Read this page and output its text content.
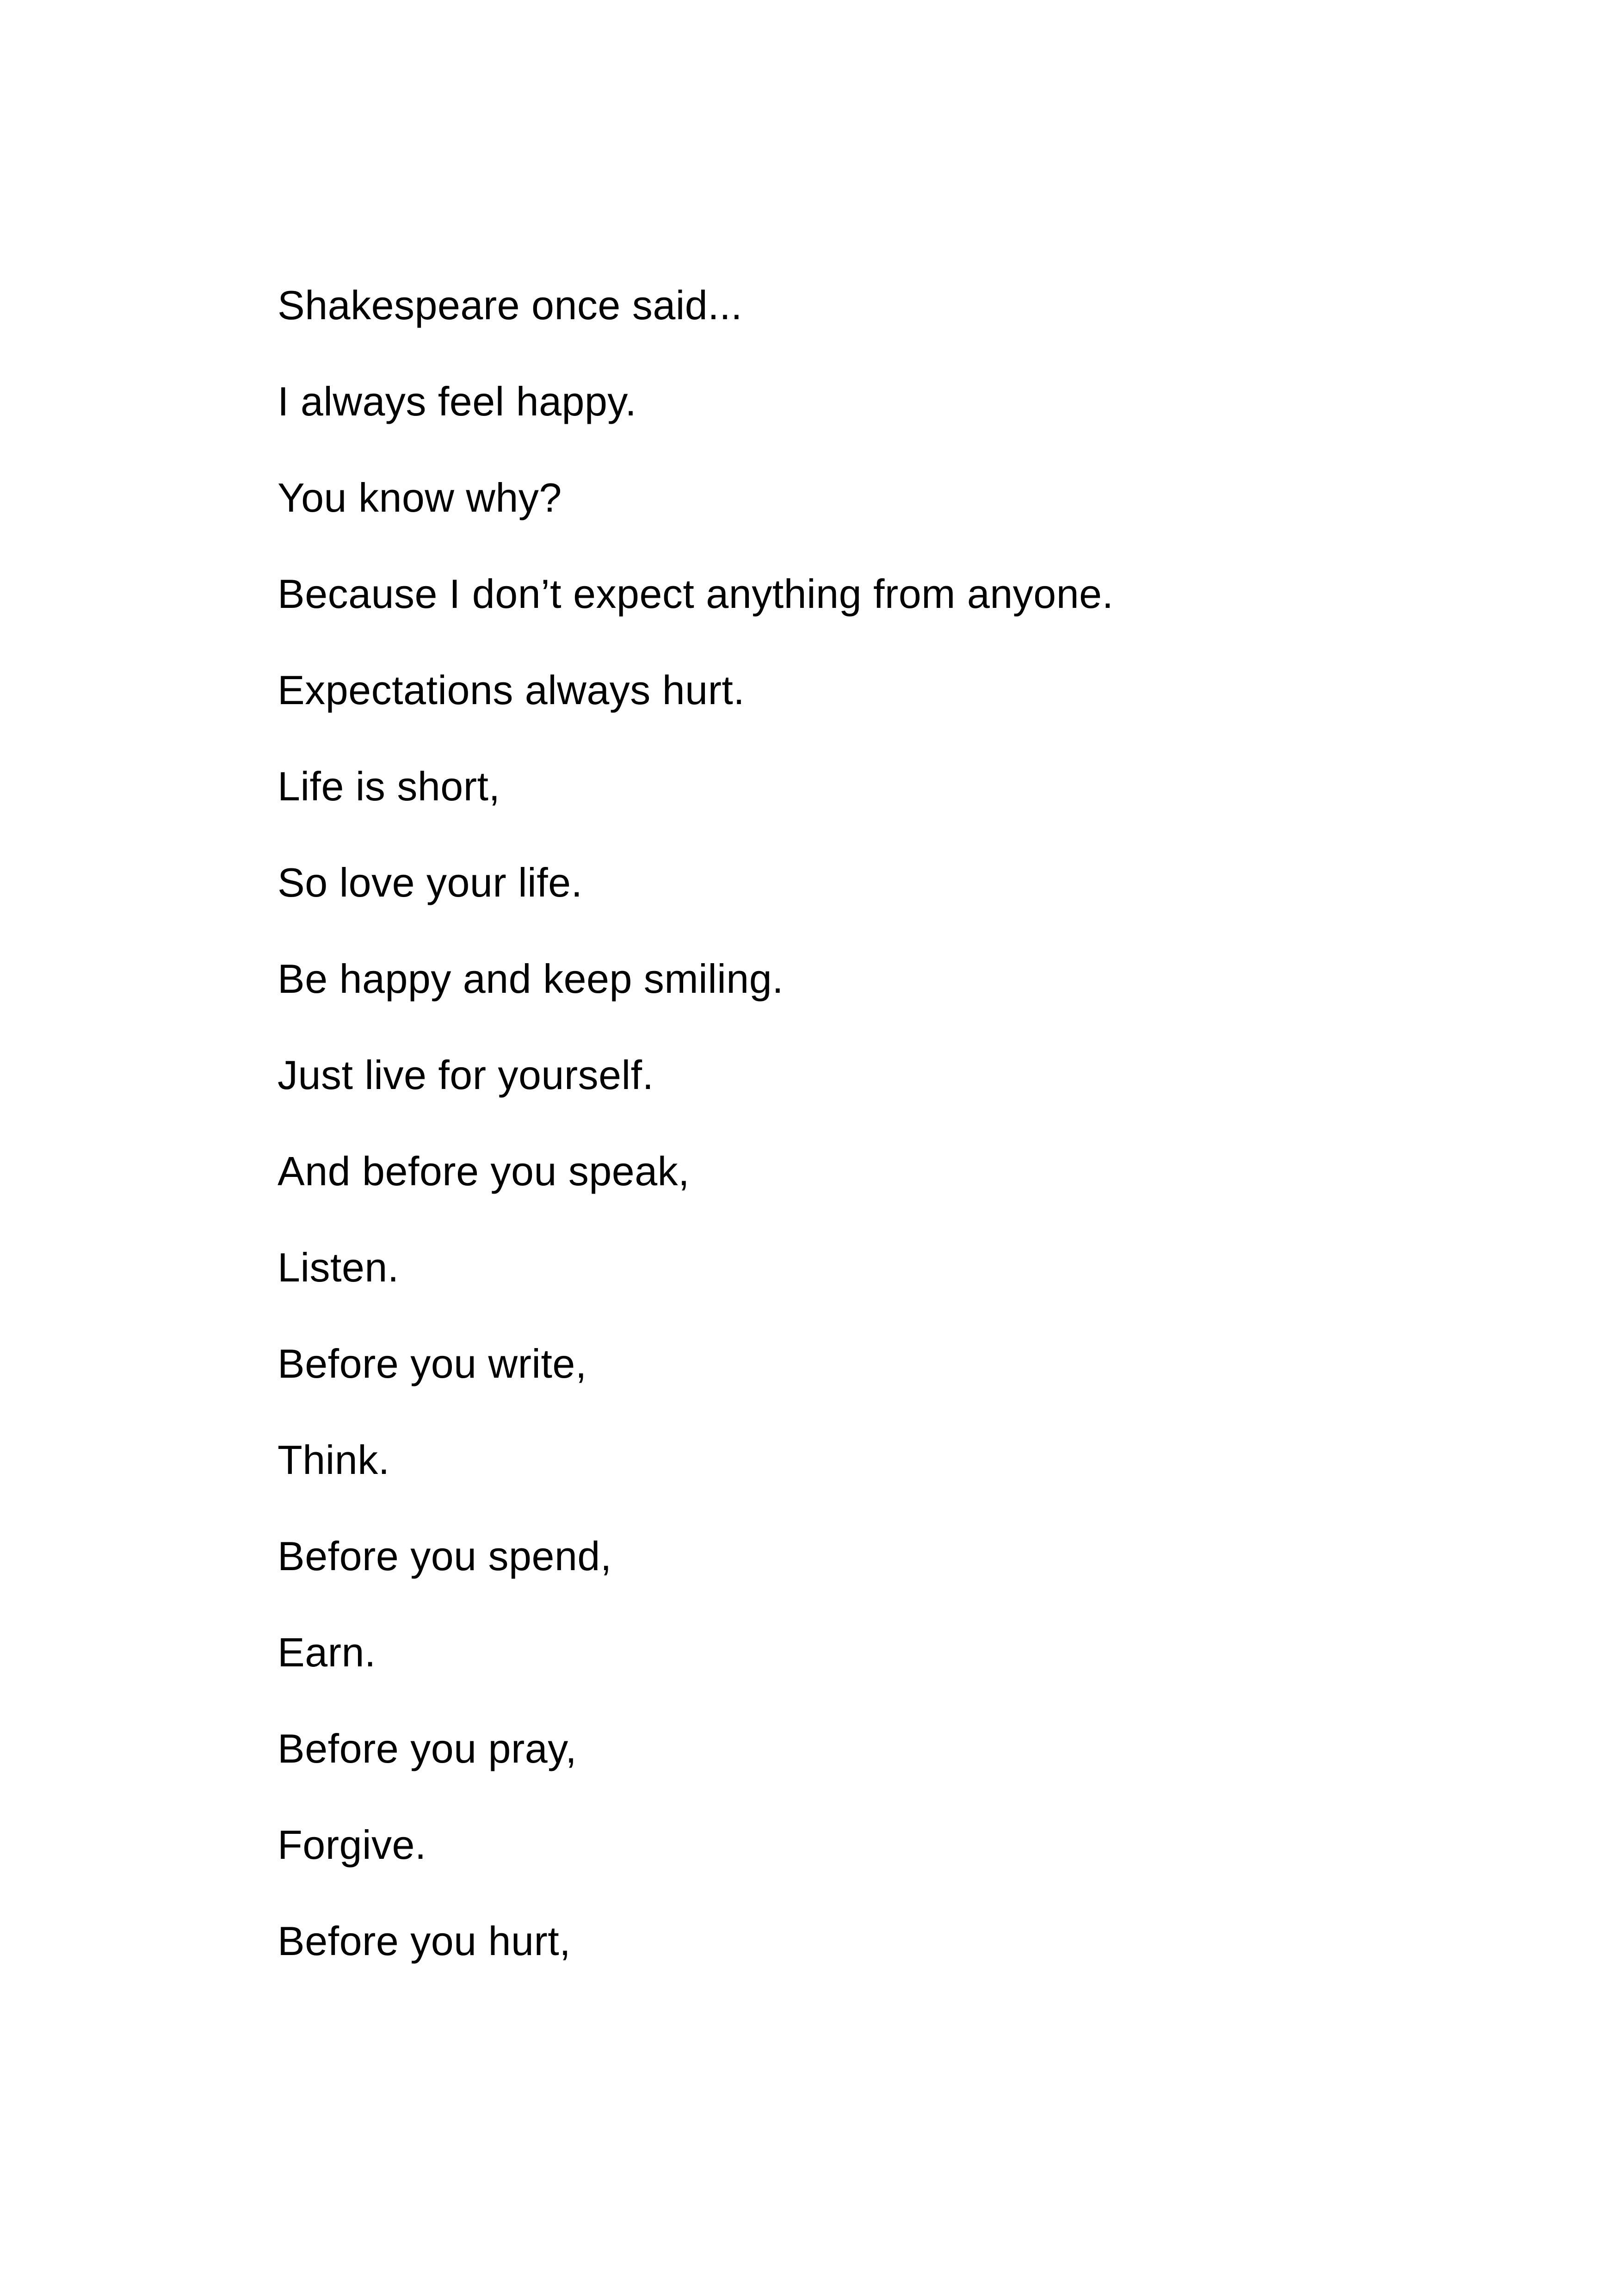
Shakespeare once said...
I always feel happy.
You know why?
Because I don’t expect anything from anyone.
Expectations always hurt.
Life is short,
So love your life.
Be happy and keep smiling.
Just live for yourself.
And before you speak,
Listen.
Before you write,
Think.
Before you spend,
Earn.
Before you pray,
Forgive.
Before you hurt,
